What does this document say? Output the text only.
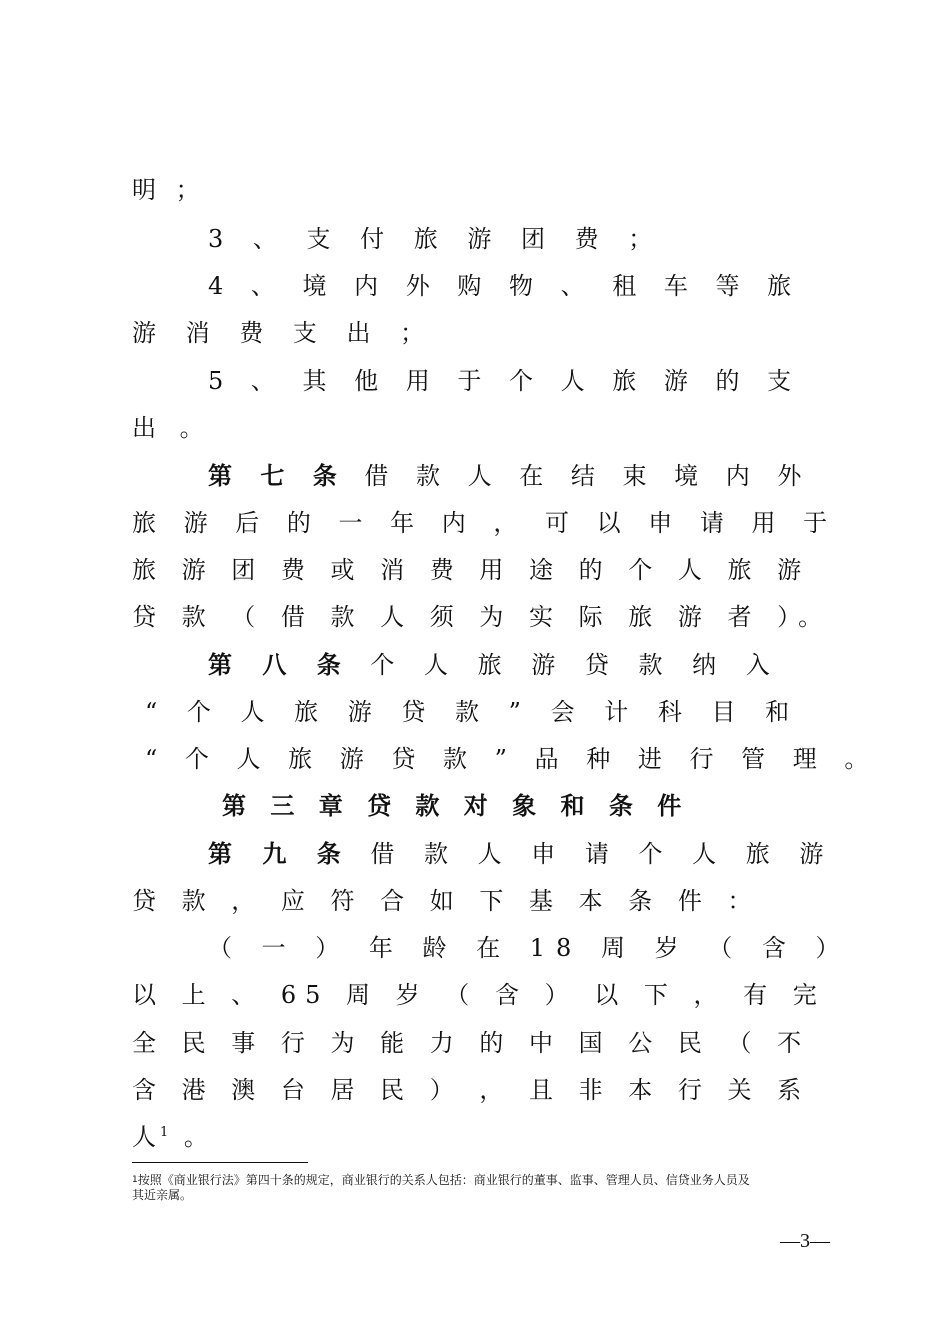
明 ；
3 、 支 付 旅 游 团 费 ；
4 、 境 内 外 购 物 、 租 车 等 旅
游 消 费 支 出 ；
5 、 其 他 用 于 个 人 旅 游 的 支
出 。
第 七 条 借 款 人 在 结 束 境 内 外
旅 游 后 的 一 年 内 ， 可 以 申 请 用 于
旅 游 团 费 或 消 费 用 途 的 个 人 旅 游
贷 款 （ 借 款 人 须 为 实 际 旅 游 者 ）。
第 八 条 个 人 旅 游 贷 款 纳 入
“ 个 人 旅 游 贷 款 ” 会 计 科 目 和
“ 个 人 旅 游 贷 款 ” 品 种 进 行 管 理 。
第 三 章 贷 款 对 象 和 条 件
第 九 条 借 款 人 申 请 个 人 旅 游
贷 款 ， 应 符 合 如 下 基 本 条 件 ：
（ 一 ） 年 龄 在 18 周 岁 （ 含 ）
以 上 、 65 周 岁 （ 含 ） 以 下 ， 有 完
全 民 事 行 为 能 力 的 中 国 公 民 （ 不
含 港 澳 台 居 民 ） ， 且 非 本 行 关 系
人$^1$ 。
$^1$按照《商业银行法》第四十条的规定，商业银行的关系人包括：商业银行的董事、监事、管理人员、信贷业务人员及
其近亲属。
—3—
